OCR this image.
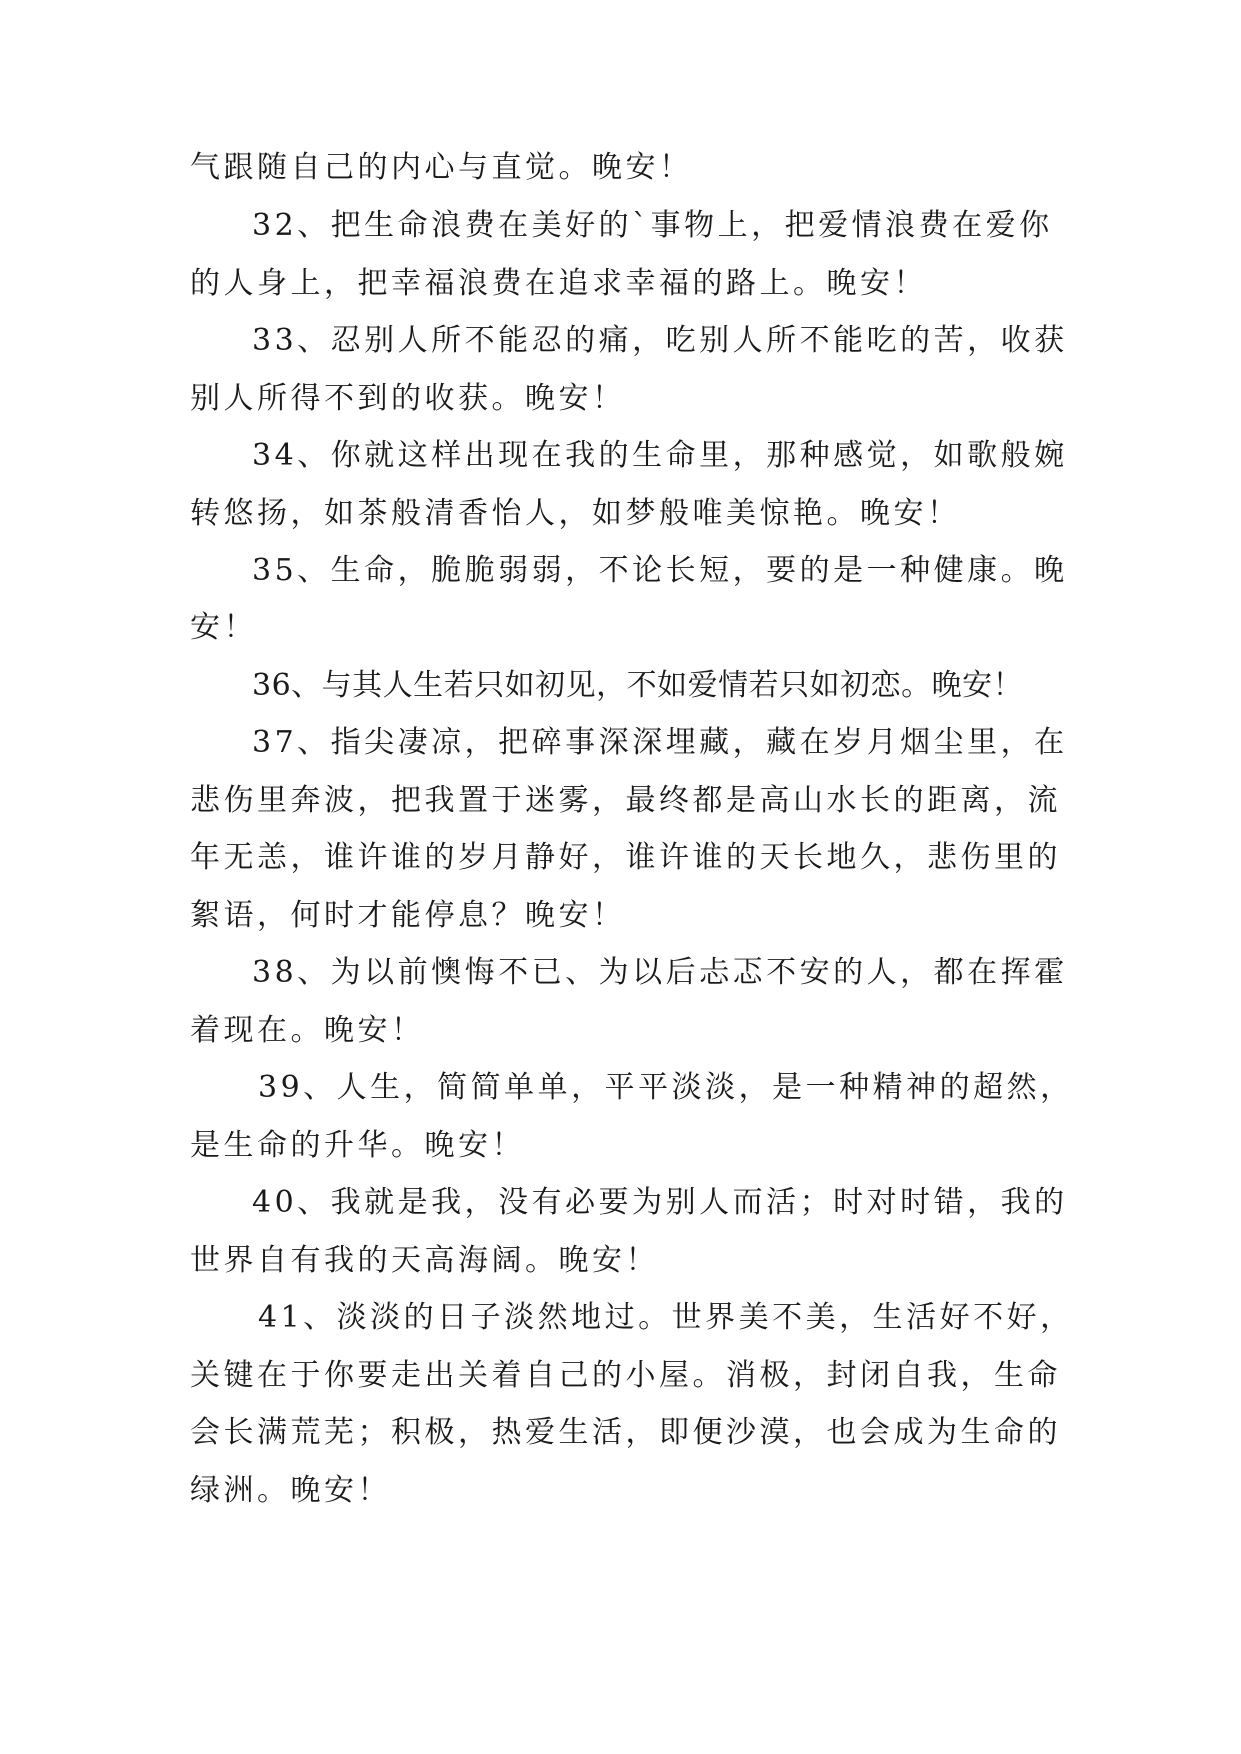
气跟随自己的内心与直觉。晚安！
32、把生命浪费在美好的`事物上，把爱情浪费在爱你
的人身上，把幸福浪费在追求幸福的路上。晚安！
33、忍别人所不能忍的痛，吃别人所不能吃的苦，收获
别人所得不到的收获。晚安！
34、你就这样出现在我的生命里，那种感觉，如歌般婉
转悠扬，如茶般清香怡人，如梦般唯美惊艳。晚安！
35、生命，脆脆弱弱，不论长短，要的是一种健康。晚
安！
36、与其人生若只如初见，不如爱情若只如初恋。晚安！
37、指尖凄凉，把碎事深深埋藏，藏在岁月烟尘里，在
悲伤里奔波，把我置于迷雾，最终都是高山水长的距离，流
年无恙，谁许谁的岁月静好，谁许谁的天长地久，悲伤里的
絮语，何时才能停息？晚安！
38、为以前懊悔不已、为以后忐忑不安的人，都在挥霍
着现在。晚安！
39、人生，简简单单，平平淡淡，是一种精神的超然，
是生命的升华。晚安！
40、我就是我，没有必要为别人而活；时对时错，我的
世界自有我的天高海阔。晚安！
41、淡淡的日子淡然地过。世界美不美，生活好不好，
关键在于你要走出关着自己的小屋。消极，封闭自我，生命
会长满荒芜；积极，热爱生活，即便沙漠，也会成为生命的
绿洲。晚安！
